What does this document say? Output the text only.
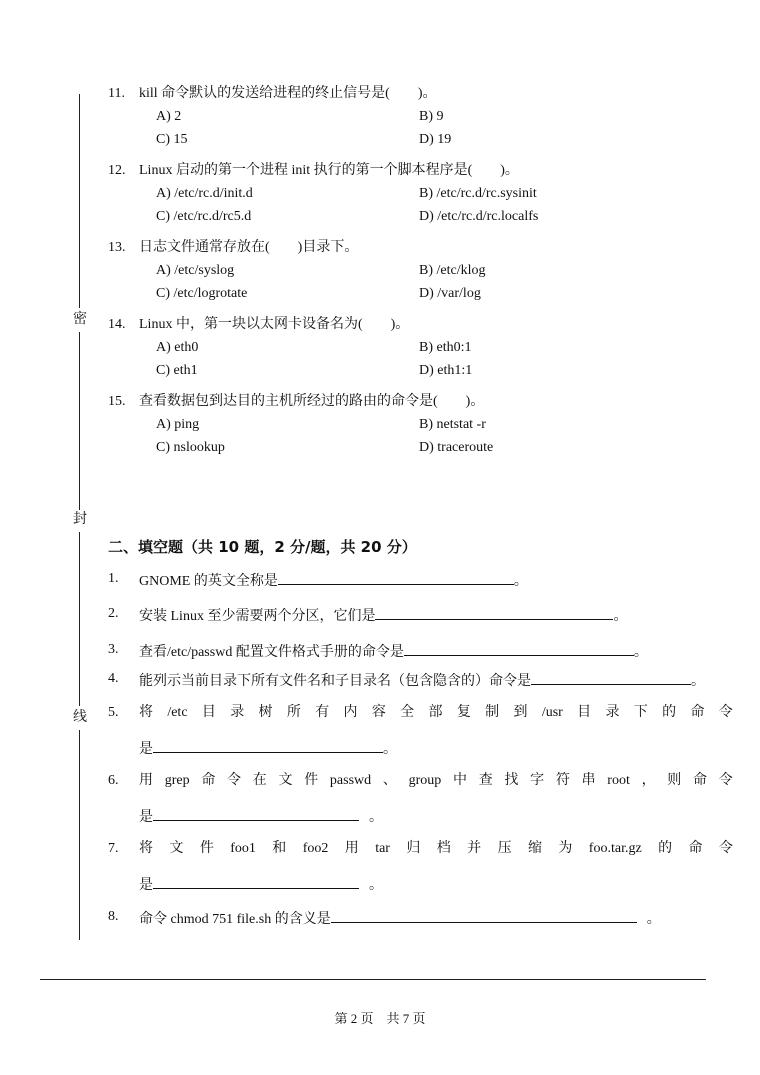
密
封
线
11. kill 命令默认的发送给进程的终止信号是(　　)。
A) 2	B) 9
C) 15	D) 19
12. Linux 启动的第一个进程 init 执行的第一个脚本程序是(　　)。
A) /etc/rc.d/init.d	B) /etc/rc.d/rc.sysinit
C) /etc/rc.d/rc5.d	D) /etc/rc.d/rc.localfs
13. 日志文件通常存放在(　　)目录下。
A) /etc/syslog	B) /etc/klog
C) /etc/logrotate	D) /var/log
14. Linux 中，第一块以太网卡设备名为(　　)。
A) eth0	B) eth0:1
C) eth1	D) eth1:1
15. 查看数据包到达目的主机所经过的路由的命令是(　　)。
A) ping	B) netstat -r
C) nslookup	D) traceroute
二、填空题（共 10 题，2 分/题，共 20 分）
1. GNOME 的英文全称是	。
2. 安装 Linux 至少需要两个分区，它们是	。
3. 查看/etc/passwd 配置文件格式手册的命令是	。
4. 能列示当前目录下所有文件名和子目录名（包含隐含的）命令是	。
5. 将 /etc 目 录 树 所 有 内 容 全 部 复 制 到 /usr 目 录 下 的 命 令
是	。
6. 用 grep 命 令 在 文 件 passwd 、 group 中 查 找 字 符 串 root ， 则 命 令
是	。
7. 将 文 件 foo1 和 foo2 用 tar 归 档 并 压 缩 为 foo.tar.gz 的 命 令
是	。
8. 命令 chmod 751 file.sh 的含义是	。
第 2 页　共 7 页
